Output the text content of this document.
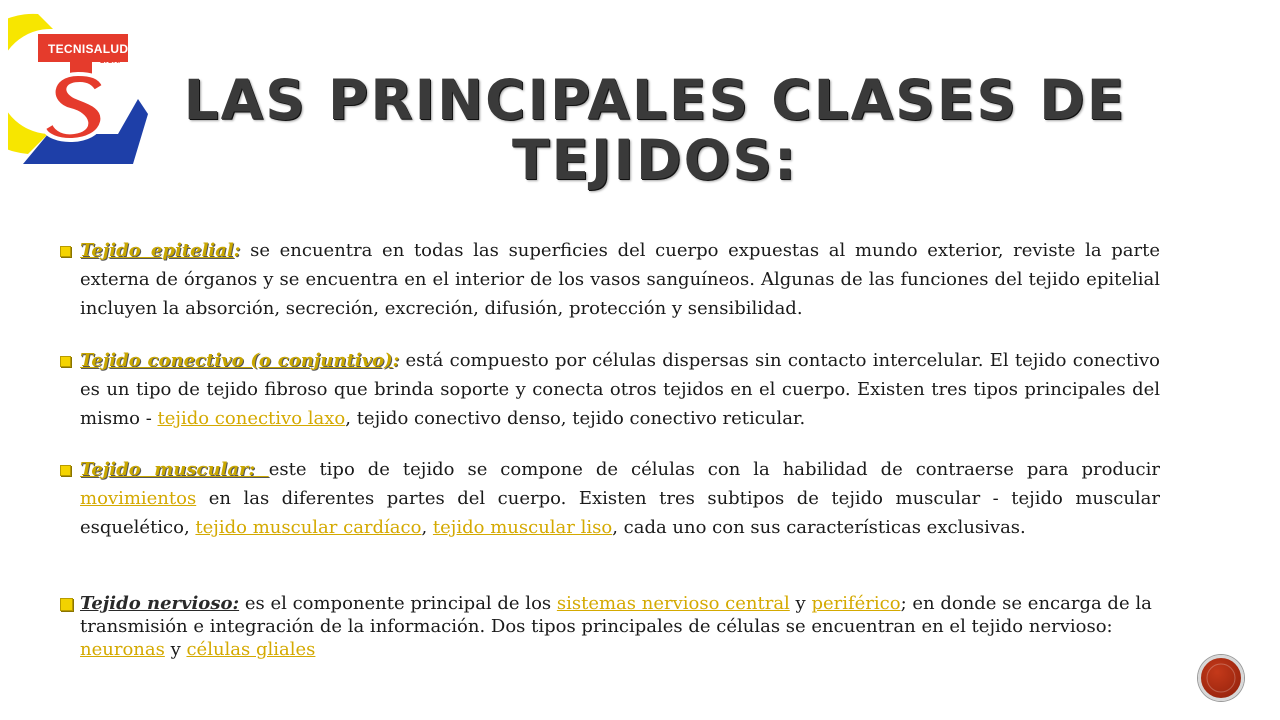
TECNISALUD
LTDA.
LAS PRINCIPALES CLASES DE TEJIDOS:
Tejido epitelial: se encuentra en todas las superficies del cuerpo expuestas al mundo exterior, reviste la parte externa de órganos y se encuentra en el interior de los vasos sanguíneos. Algunas de las funciones del tejido epitelial incluyen la absorción, secreción, excreción, difusión, protección y sensibilidad.
Tejido conectivo (o conjuntivo): está compuesto por células dispersas sin contacto intercelular. El tejido conectivo es un tipo de tejido fibroso que brinda soporte y conecta otros tejidos en el cuerpo. Existen tres tipos principales del mismo - tejido conectivo laxo, tejido conectivo denso, tejido conectivo reticular.
Tejido muscular: este tipo de tejido se compone de células con la habilidad de contraerse para producir movimientos en las diferentes partes del cuerpo. Existen tres subtipos de tejido muscular - tejido muscular esquelético, tejido muscular cardíaco, tejido muscular liso, cada uno con sus características exclusivas.
Tejido nervioso: es el componente principal de los sistemas nervioso central y periférico; en donde se encarga de la transmisión e integración de la información. Dos tipos principales de células se encuentran en el tejido nervioso: neuronas y células gliales
